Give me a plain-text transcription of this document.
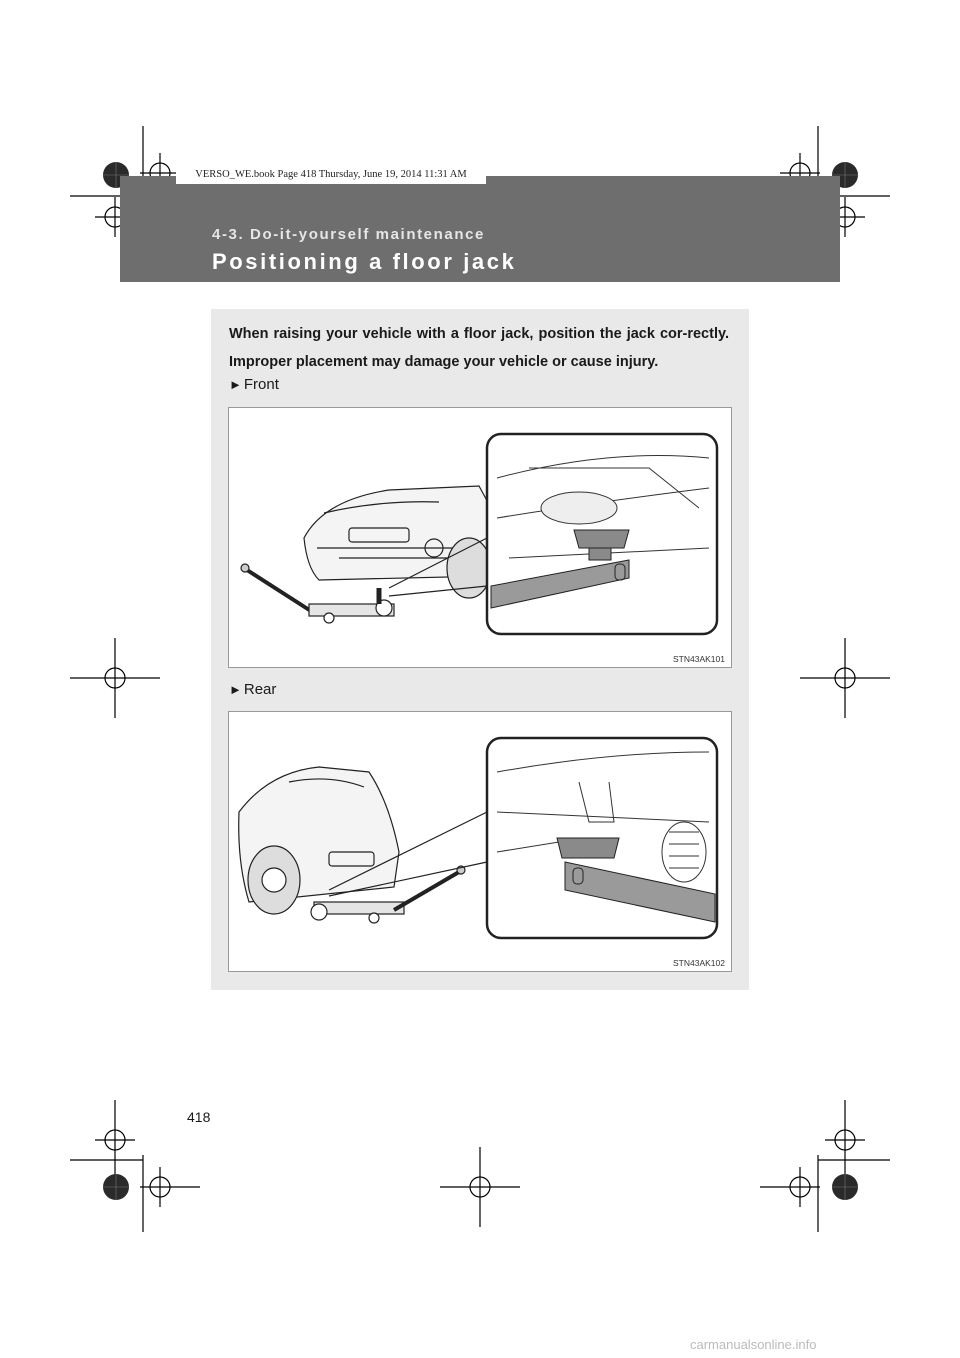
VERSO_WE.book Page 418 Thursday, June 19, 2014 11:31 AM
4-3. Do-it-yourself maintenance
Positioning a floor jack
When raising your vehicle with a floor jack, position the jack cor-rectly. Improper placement may damage your vehicle or cause injury.
► Front
STN43AK101
► Rear
STN43AK102
418
carmanualsonline.info
